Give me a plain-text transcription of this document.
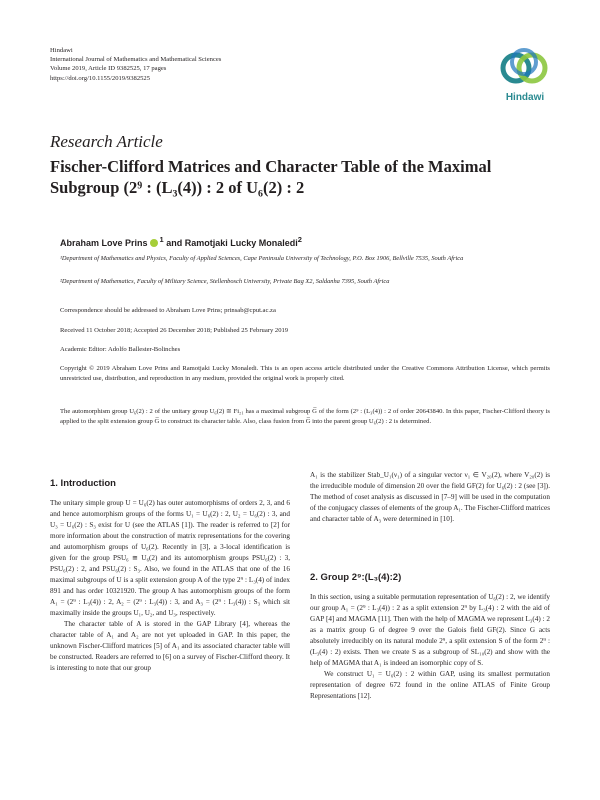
Hindawi
International Journal of Mathematics and Mathematical Sciences
Volume 2019, Article ID 9382525, 17 pages
https://doi.org/10.1155/2019/9382525
Hindawi
Research Article
Fischer-Clifford Matrices and Character Table of the Maximal
Subgroup (2⁹ : (L₃(4)) : 2 of U₆(2) : 2
Abraham Love Prins $^1$ and Ramotjaki Lucky Monaledi$^2$
¹Department of Mathematics and Physics, Faculty of Applied Sciences, Cape Peninsula University of Technology, P.O. Box 1906, Bellville 7535, South Africa
²Department of Mathematics, Faculty of Military Science, Stellenbosch University, Private Bag X2, Saldanha 7395, South Africa
Correspondence should be addressed to Abraham Love Prins; prinsab@cput.ac.za
Received 11 October 2018; Accepted 26 December 2018; Published 25 February 2019
Academic Editor: Adolfo Ballester-Bolinches
Copyright © 2019 Abraham Love Prins and Ramotjaki Lucky Monaledi. This is an open access article distributed under the Creative Commons Attribution License, which permits unrestricted use, distribution, and reproduction in any medium, provided the original work is properly cited.
The automorphism group U₆(2) : 2 of the unitary group U₆(2) ≅ Fi₂₁ has a maximal subgroup G̅ of the form (2⁹ : (L₃(4)) : 2 of order 20643840. In this paper, Fischer-Clifford theory is applied to the split extension group G̅ to construct its character table. Also, class fusion from G̅ into the parent group U₆(2) : 2 is determined.
1. Introduction
2. Group 2⁹:(L₃(4):2)

The unitary simple group U = U₆(2) has outer automorphisms of orders 2, 3, and 6 and hence automorphism groups of the forms U₁ = U₆(2) : 2, U₂ = U₆(2) : 3, and U₃ = U₆(2) : S₃ exist for U (see the ATLAS [1]). The reader is referred to [2] for more information about the construction of matrix representations for the covering and automorphism groups of U₆(2). Recently in [3], a 3-local identification is given for the group PSU₆ ≅ U₆(2) and its automorphism groups PSU₆(2) : 3, PSU₆(2) : 2, and PSU₆(2) : S₃. Also, we found in the ATLAS that one of the 16 maximal subgroups of U is a split extension group A of the type 2⁹ : L₃(4) of index 891 and has order 10321920. The group A has automorphism groups of the form A₁ = (2⁹ : L₃(4)) : 2, A₂ = (2⁹ : L₃(4)) : 3, and A₃ = (2⁹ : L₃(4)) : S₃ which sit maximally inside the groups U₁, U₂, and U₃, respectively.

The character table of A is stored in the GAP Library [4], whereas the character table of A₁ and A₂ are not yet uploaded in GAP. In this paper, the unknown Fischer-Clifford matrices [5] of A₁ and its associated character table will be constructed. Readers are referred to [6] on a survey of Fischer-Clifford theory. It is interesting to note that our group

A₁ is the stabilizer Stab_U₁(ν₁) of a singular vector ν₁ ∈ V₂₀(2), where V₂₀(2) is the irreducible module of dimension 20 over the field GF(2) for U₆(2) : 2 (see [3]). The method of coset analysis as discussed in [7–9] will be used in the computation of the conjugacy classes of elements of the group A₁. The Fischer-Clifford matrices and character table of A₃ were determined in [10].

In this section, using a suitable permutation representation of U₆(2) : 2, we identify our group A₁ = (2⁹ : L₃(4)) : 2 as a split extension 2⁹ by L₃(4) : 2 with the aid of GAP [4] and MAGMA [11]. Then with the help of MAGMA we represent L₃(4) : 2 as a matrix group G of degree 9 over the Galois field GF(2). Since G acts absolutely irreducibly on its natural module 2⁹, a split extension S of the form 2⁹ : (L₃(4) : 2) exists. Then we create S as a subgroup of SL₁₀(2) and show with the help of MAGMA that A₁ is indeed an isomorphic copy of S.

We construct U₁ = U₆(2) : 2 within GAP, using its smallest permutation representation of degree 672 found in the online ATLAS of Finite Group Representations [12].
